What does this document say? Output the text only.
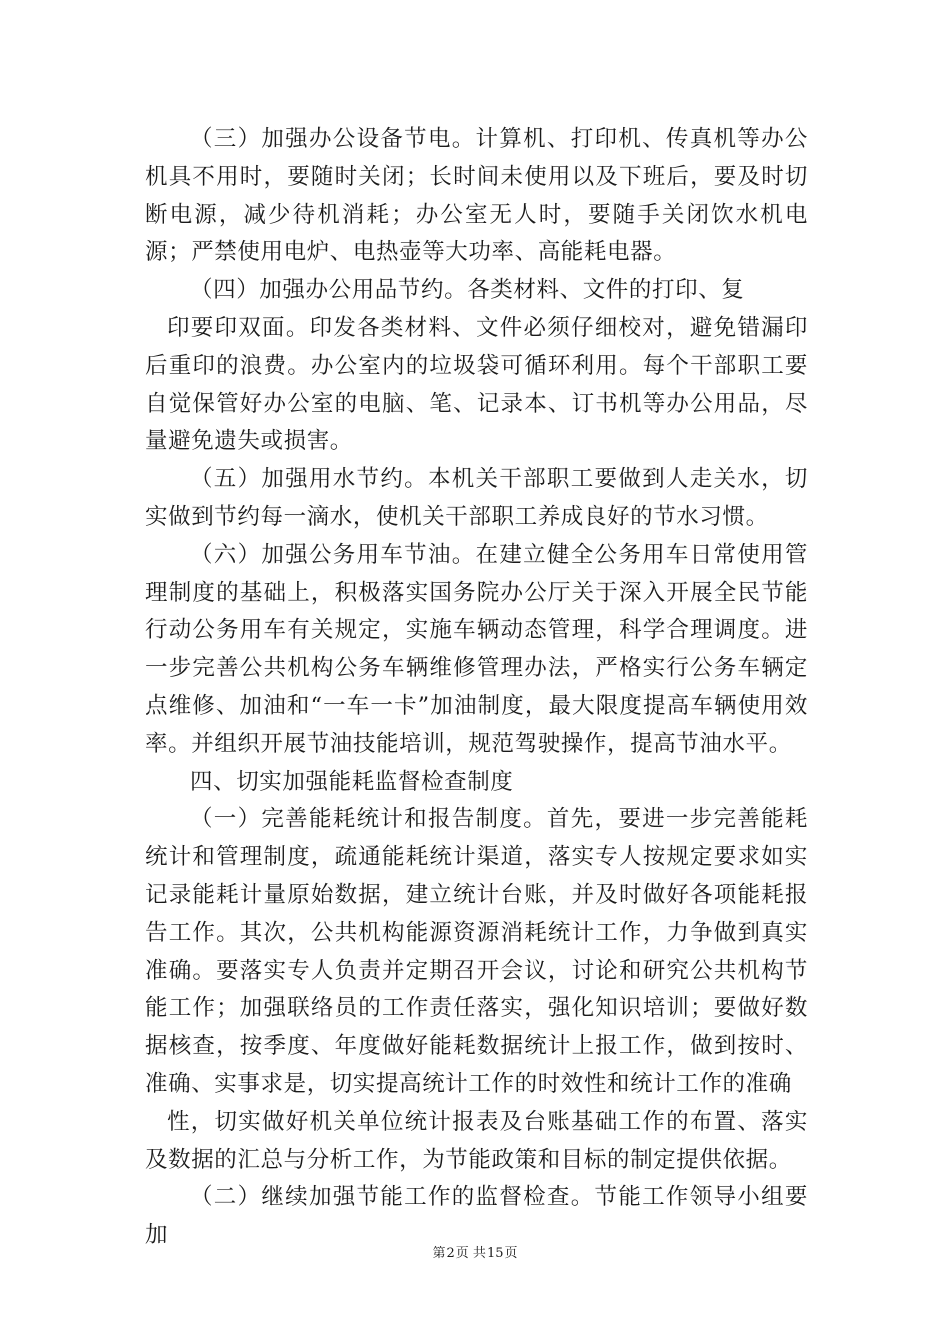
（三）加强办公设备节电。计算机、打印机、传真机等办公机具不用时，要随时关闭；长时间未使用以及下班后，要及时切断电源，减少待机消耗；办公室无人时，要随手关闭饮水机电源；严禁使用电炉、电热壶等大功率、高能耗电器。

（四）加强办公用品节约。各类材料、文件的打印、复

印要印双面。印发各类材料、文件必须仔细校对，避免错漏印后重印的浪费。办公室内的垃圾袋可循环利用。每个干部职工要自觉保管好办公室的电脑、笔、记录本、订书机等办公用品，尽量避免遗失或损害。

（五）加强用水节约。本机关干部职工要做到人走关水，切实做到节约每一滴水，使机关干部职工养成良好的节水习惯。

（六）加强公务用车节油。在建立健全公务用车日常使用管理制度的基础上，积极落实国务院办公厅关于深入开展全民节能行动公务用车有关规定，实施车辆动态管理，科学合理调度。进一步完善公共机构公务车辆维修管理办法，严格实行公务车辆定点维修、加油和“一车一卡”加油制度，最大限度提高车辆使用效率。并组织开展节油技能培训，规范驾驶操作，提高节油水平。

四、切实加强能耗监督检查制度

（一）完善能耗统计和报告制度。首先，要进一步完善能耗统计和管理制度，疏通能耗统计渠道，落实专人按规定要求如实记录能耗计量原始数据，建立统计台账，并及时做好各项能耗报告工作。其次，公共机构能源资源消耗统计工作，力争做到真实准确。要落实专人负责并定期召开会议，讨论和研究公共机构节能工作；加强联络员的工作责任落实，强化知识培训；要做好数据核查，按季度、年度做好能耗数据统计上报工作，做到按时、准确、实事求是，切实提高统计工作的时效性和统计工作的准确

性，切实做好机关单位统计报表及台账基础工作的布置、落实及数据的汇总与分析工作，为节能政策和目标的制定提供依据。

（二）继续加强节能工作的监督检查。节能工作领导小组要加

第2页 共15页
